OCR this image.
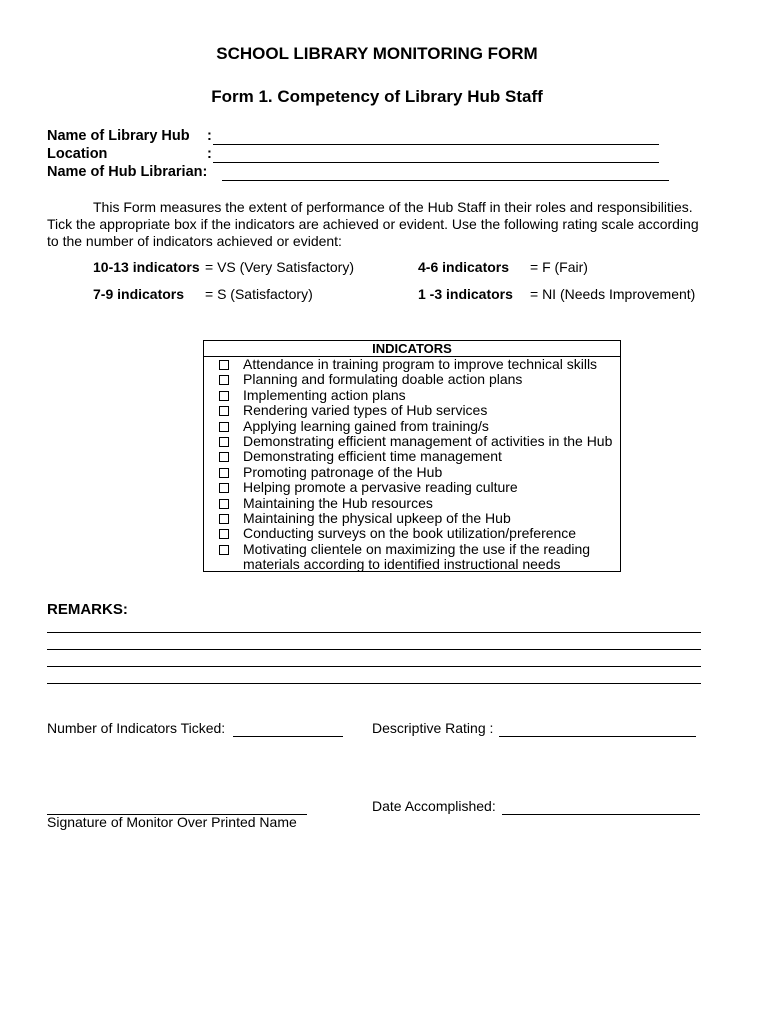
SCHOOL LIBRARY MONITORING FORM
Form 1. Competency of Library Hub Staff
Name of Library Hub :
Location	:
Name of Hub Librarian:
This Form measures the extent of performance of the Hub Staff in their roles and responsibilities. Tick the appropriate box if the indicators are achieved or evident. Use the following rating scale according to the number of indicators achieved or evident:
10-13 indicators = VS (Very Satisfactory)	4-6 indicators = F (Fair)
7-9 indicators = S (Satisfactory)	1 -3 indicators = NI (Needs Improvement)
INDICATORS
Attendance in training program to improve technical skills
Planning and formulating doable action plans
Implementing action plans
Rendering varied types of Hub services
Applying learning gained from training/s
Demonstrating efficient management of activities in the Hub
Demonstrating efficient time management
Promoting patronage of the Hub
Helping promote a pervasive reading culture
Maintaining the Hub resources
Maintaining the physical upkeep of the Hub
Conducting surveys on the book utilization/preference
Motivating clientele on maximizing the use if the reading
materials according to identified instructional needs
REMARKS:
Number of Indicators Ticked:	Descriptive Rating :
Signature of Monitor Over Printed Name
Date Accomplished:
